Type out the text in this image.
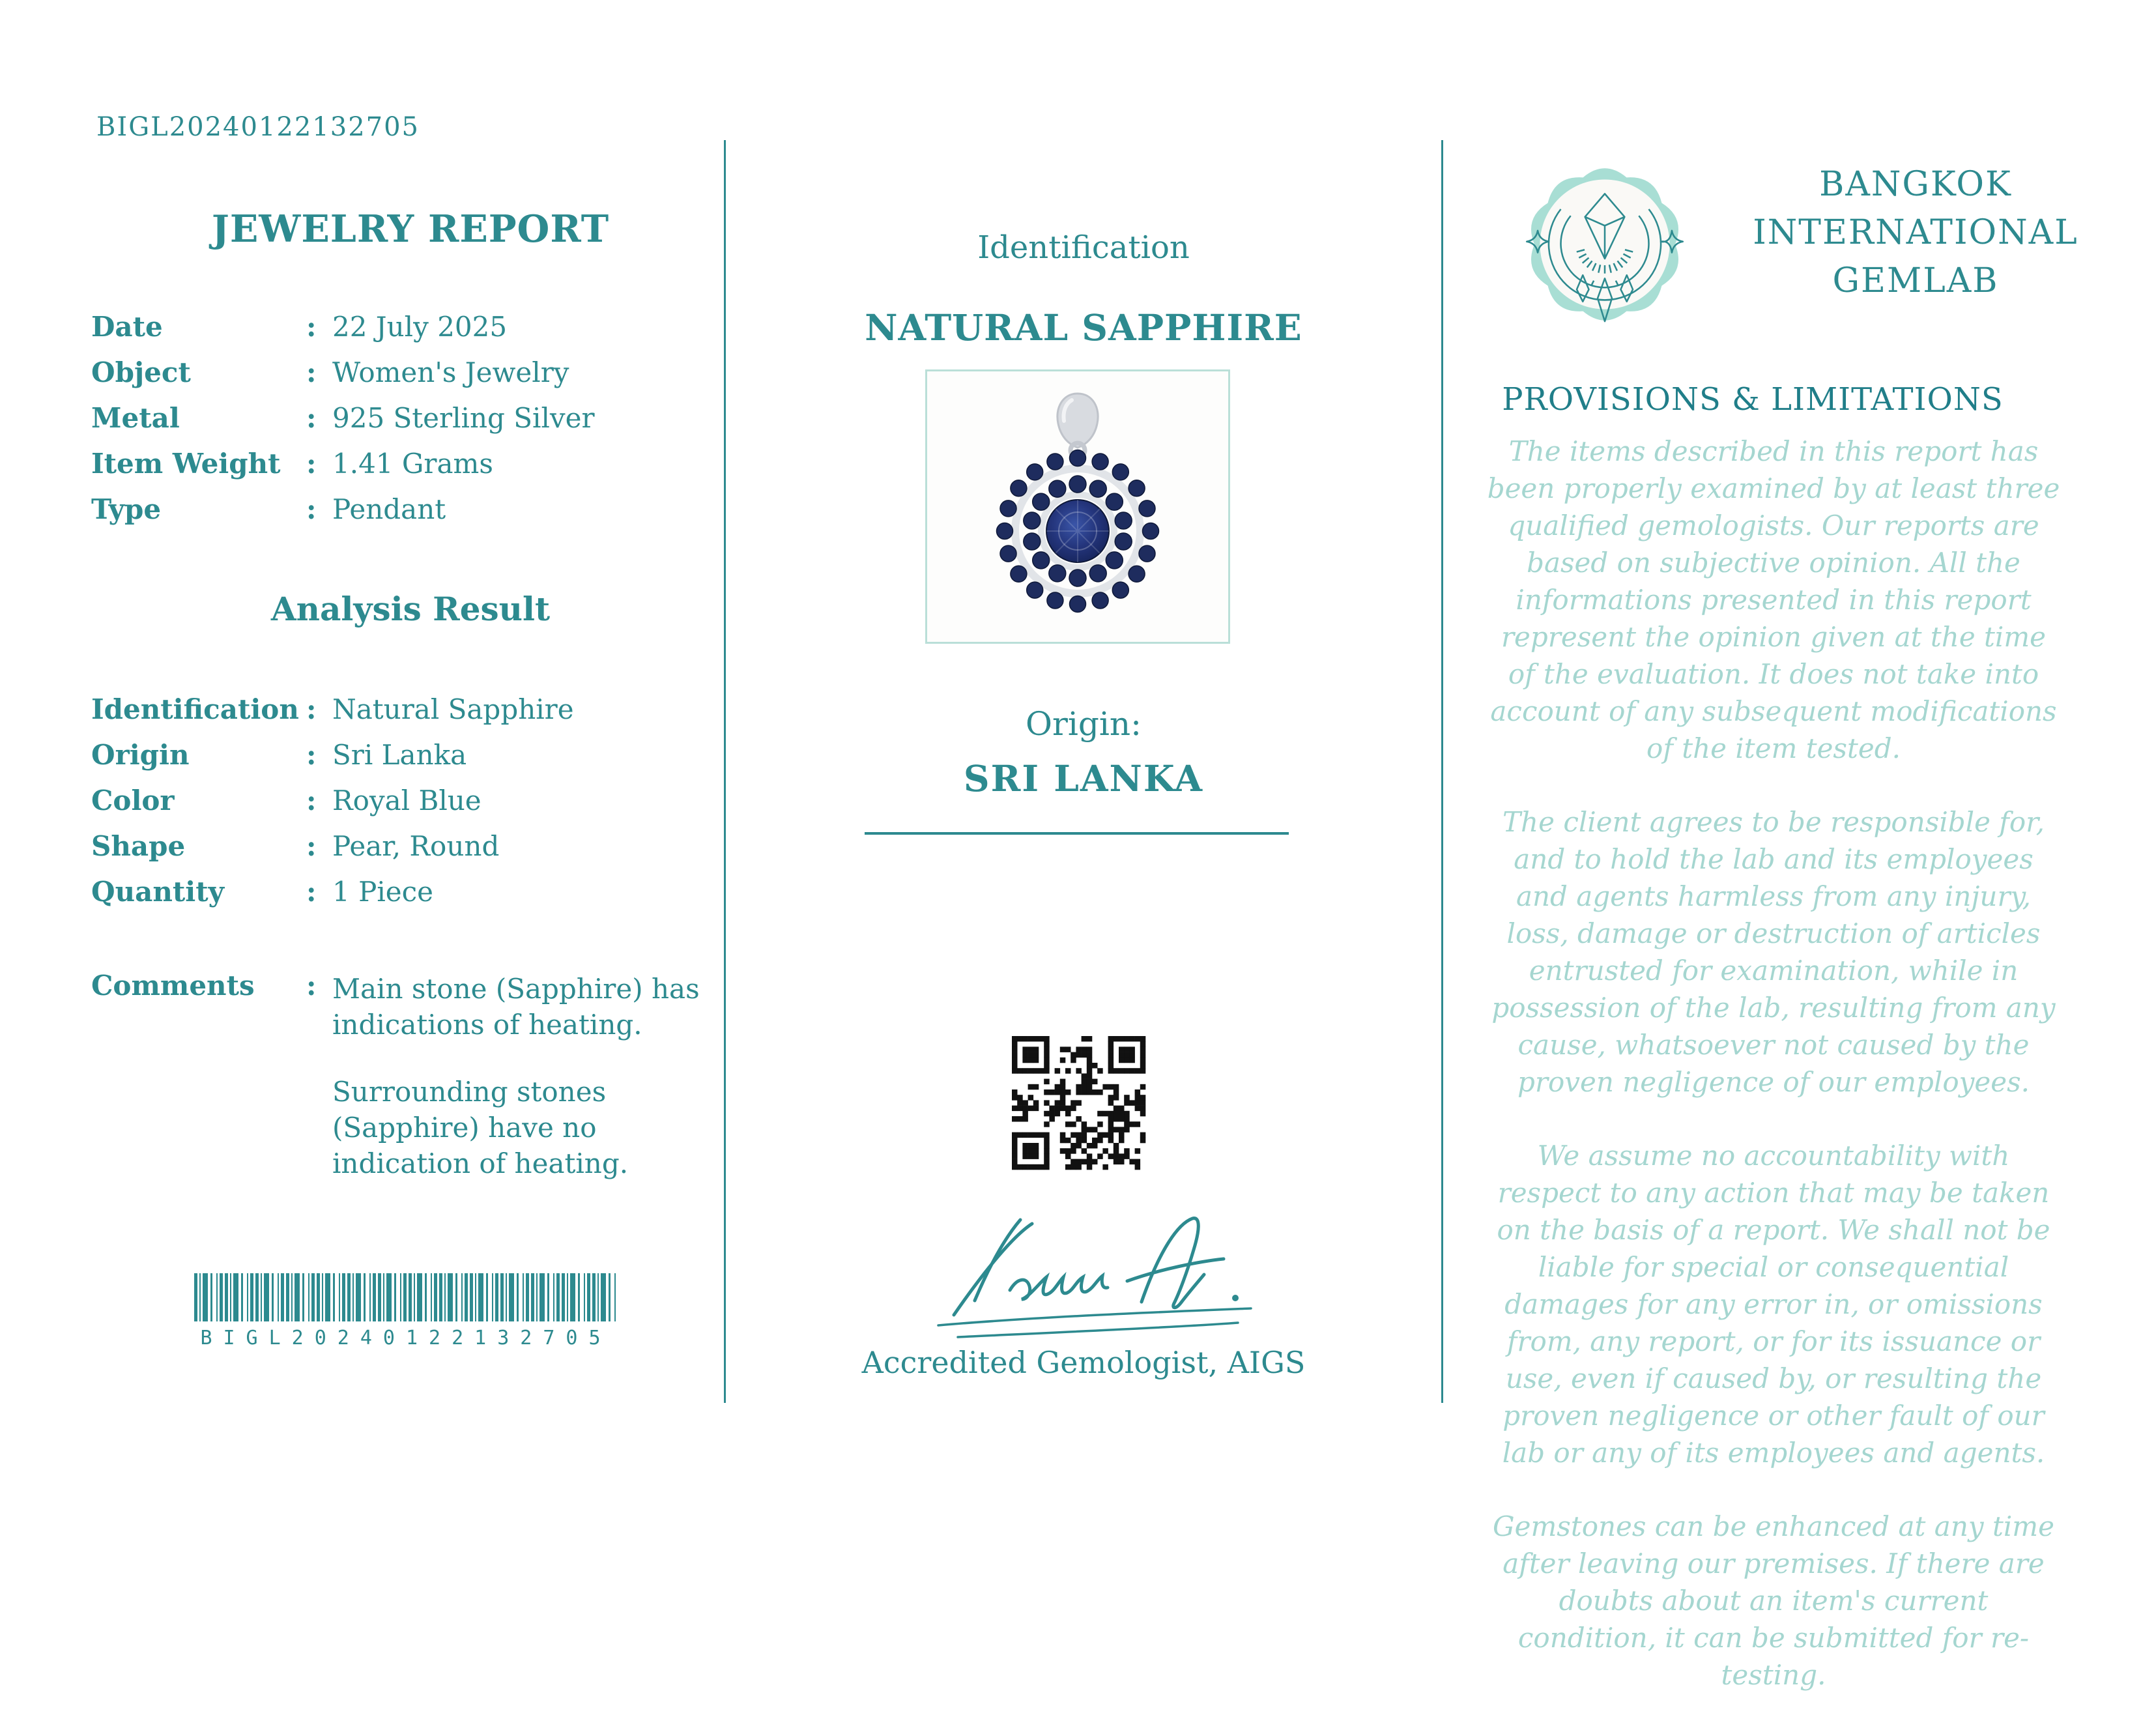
BIGL20240122132705
JEWELRY REPORT
Date	: 22 July 2025
Object	: Women's Jewelry
Metal	: 925 Sterling Silver
Item Weight : 1.41 Grams
Type	: Pendant
Analysis Result
Identification : Natural Sapphire
Origin	: Sri Lanka
Color	: Royal Blue
Shape	: Pear, Round
Quantity	: 1 Piece
Comments	: Main stone (Sapphire) has indications of heating.

Surrounding stones (Sapphire) have no indication of heating.

BIGL20240122132705
Identification
NATURAL SAPPHIRE
Origin:
SRI LANKA
Accredited Gemologist, AIGS
BANGKOK
INTERNATIONAL
GEMLAB
PROVISIONS & LIMITATIONS

The items described in this report has been properly examined by at least three qualified gemologists. Our reports are based on subjective opinion. All the informations presented in this report represent the opinion given at the time of the evaluation. It does not take into account of any subsequent modifications of the item tested.

The client agrees to be responsible for, and to hold the lab and its employees and agents harmless from any injury, loss, damage or destruction of articles entrusted for examination, while in possession of the lab, resulting from any cause, whatsoever not caused by the proven negligence of our employees.

We assume no accountability with respect to any action that may be taken on the basis of a report. We shall not be liable for special or consequential damages for any error in, or omissions from, any report, or for its issuance or use, even if caused by, or resulting the proven negligence or other fault of our lab or any of its employees and agents.

Gemstones can be enhanced at any time after leaving our premises. If there are doubts about an item's current condition, it can be submitted for re-testing.
